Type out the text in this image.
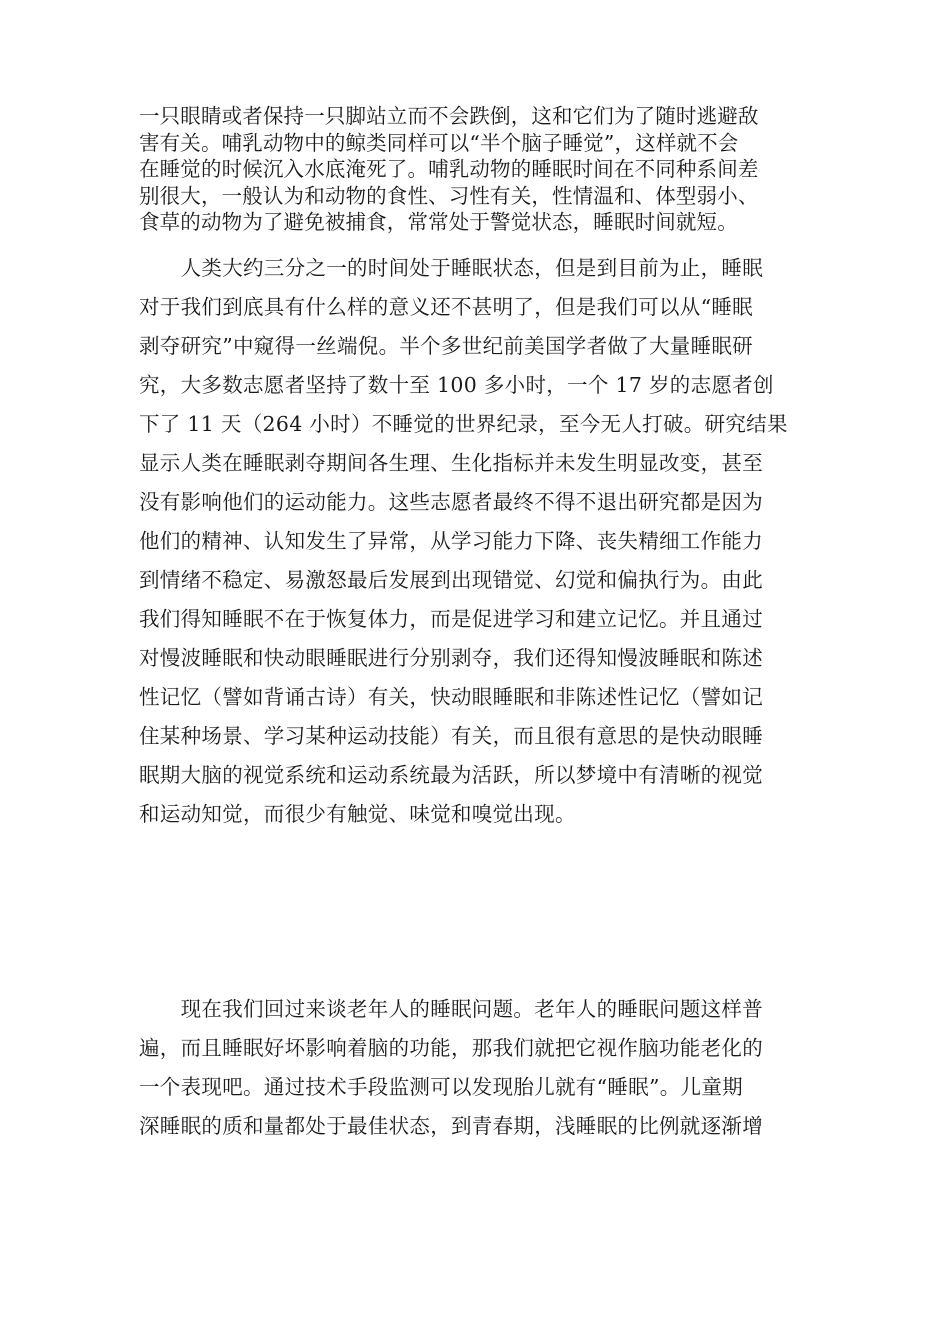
一只眼睛或者保持一只脚站立而不会跌倒，这和它们为了随时逃避敌
害有关。哺乳动物中的鲸类同样可以“半个脑子睡觉”，这样就不会
在睡觉的时候沉入水底淹死了。哺乳动物的睡眠时间在不同种系间差
别很大，一般认为和动物的食性、习性有关，性情温和、体型弱小、
食草的动物为了避免被捕食，常常处于警觉状态，睡眠时间就短。
　　人类大约三分之一的时间处于睡眠状态，但是到目前为止，睡眠
对于我们到底具有什么样的意义还不甚明了，但是我们可以从“睡眠
剥夺研究”中窥得一丝端倪。半个多世纪前美国学者做了大量睡眠研
究，大多数志愿者坚持了数十至 100 多小时，一个 17 岁的志愿者创
下了 11 天（264 小时）不睡觉的世界纪录，至今无人打破。研究结果
显示人类在睡眠剥夺期间各生理、生化指标并未发生明显改变，甚至
没有影响他们的运动能力。这些志愿者最终不得不退出研究都是因为
他们的精神、认知发生了异常，从学习能力下降、丧失精细工作能力
到情绪不稳定、易激怒最后发展到出现错觉、幻觉和偏执行为。由此
我们得知睡眠不在于恢复体力，而是促进学习和建立记忆。并且通过
对慢波睡眠和快动眼睡眠进行分别剥夺，我们还得知慢波睡眠和陈述
性记忆（譬如背诵古诗）有关，快动眼睡眠和非陈述性记忆（譬如记
住某种场景、学习某种运动技能）有关，而且很有意思的是快动眼睡
眠期大脑的视觉系统和运动系统最为活跃，所以梦境中有清晰的视觉
和运动知觉，而很少有触觉、味觉和嗅觉出现。
　　现在我们回过来谈老年人的睡眠问题。老年人的睡眠问题这样普
遍，而且睡眠好坏影响着脑的功能，那我们就把它视作脑功能老化的
一个表现吧。通过技术手段监测可以发现胎儿就有“睡眠”。儿童期
深睡眠的质和量都处于最佳状态，到青春期，浅睡眠的比例就逐渐增
